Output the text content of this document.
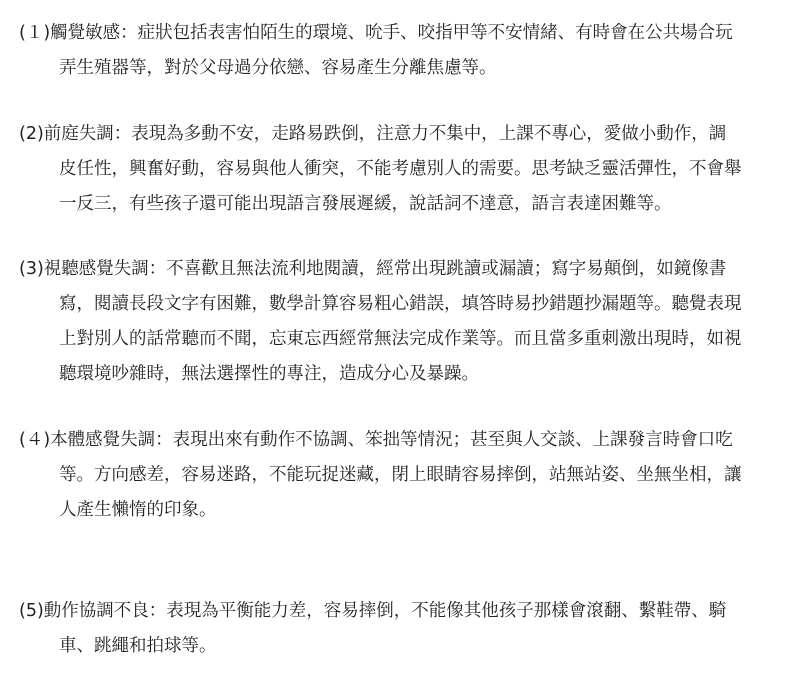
(１)觸覺敏感：症狀包括表害怕陌生的環境、吮手、咬指甲等不安情緒、有時會在公共場合玩
弄生殖器等，對於父母過分依戀、容易產生分離焦慮等。
(2)前庭失調：表現為多動不安，走路易跌倒，注意力不集中，上課不專心，愛做小動作，調
皮任性，興奮好動，容易與他人衝突，不能考慮別人的需要。思考缺乏靈活彈性，不會舉
一反三，有些孩子還可能出現語言發展遲緩，說話詞不達意，語言表達困難等。
(3)視聽感覺失調：不喜歡且無法流利地閱讀，經常出現跳讀或漏讀；寫字易顛倒，如鏡像書
寫，閱讀長段文字有困難，數學計算容易粗心錯誤，填答時易抄錯題抄漏題等。聽覺表現
上對別人的話常聽而不聞，忘東忘西經常無法完成作業等。而且當多重刺激出現時，如視
聽環境吵雜時，無法選擇性的專注，造成分心及暴躁。
(４)本體感覺失調：表現出來有動作不協調、笨拙等情況；甚至與人交談、上課發言時會口吃
等。方向感差，容易迷路，不能玩捉迷藏，閉上眼睛容易摔倒，站無站姿、坐無坐相，讓
人產生懶惰的印象。
(5)動作協調不良：表現為平衡能力差，容易摔倒，不能像其他孩子那樣會滾翻、繫鞋帶、騎
車、跳繩和拍球等。
